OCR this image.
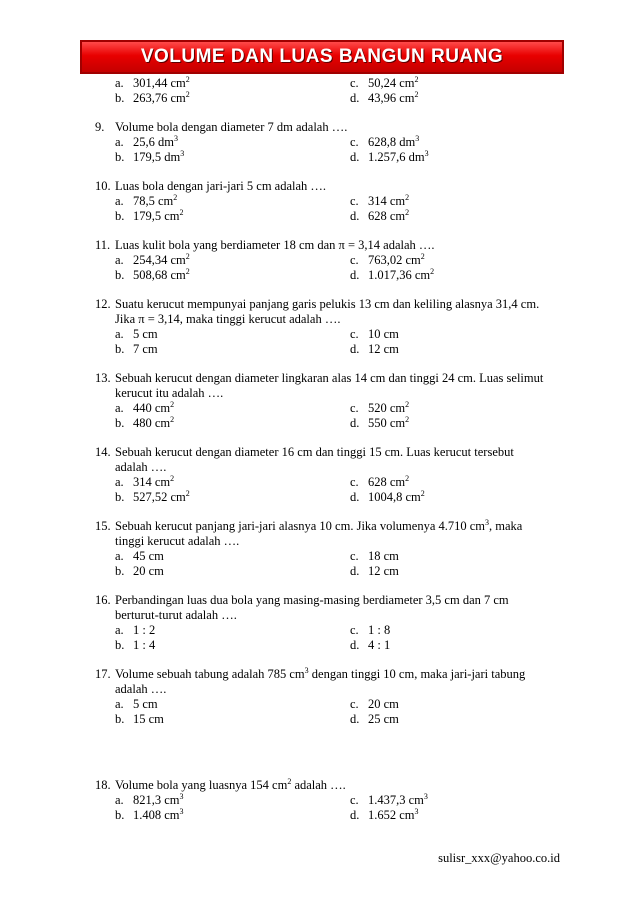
VOLUME DAN LUAS BANGUN RUANG
a. 301,44 $cm^2$	c. 50,24 $cm^2$
b. 263,76 $cm^2$	d. 43,96 $cm^2$
9. Volume bola dengan diameter 7 dm adalah ….
a. 25,6 $dm^3$	c. 628,8 $dm^3$
b. 179,5 $dm^3$	d. 1.257,6 $dm^3$
10. Luas bola dengan jari-jari 5 cm adalah ….
a. 78,5 $cm^2$	c. 314 $cm^2$
b. 179,5 $cm^2$	d. 628 $cm^2$
11. Luas kulit bola yang berdiameter 18 cm dan π = 3,14 adalah ….
a. 254,34 $cm^2$	c. 763,02 $cm^2$
b. 508,68 $cm^2$	d. 1.017,36 $cm^2$
12. Suatu kerucut mempunyai panjang garis pelukis 13 cm dan keliling alasnya 31,4 cm.
Jika π = 3,14, maka tinggi kerucut adalah ….
a. 5 cm	c. 10 cm
b. 7 cm	d. 12 cm
13. Sebuah kerucut dengan diameter lingkaran alas 14 cm dan tinggi 24 cm. Luas selimut
kerucut itu adalah ….
a. 440 $cm^2$	c. 520 $cm^2$
b. 480 $cm^2$	d. 550 $cm^2$
14. Sebuah kerucut dengan diameter 16 cm dan tinggi 15 cm. Luas kerucut tersebut
adalah ….
a. 314 $cm^2$	c. 628 $cm^2$
b. 527,52 $cm^2$	d. 1004,8 $cm^2$
15. Sebuah kerucut panjang jari-jari alasnya 10 cm. Jika volumenya 4.710 $cm^3$, maka
tinggi kerucut adalah ….
a. 45 cm	c. 18 cm
b. 20 cm	d. 12 cm
16. Perbandingan luas dua bola yang masing-masing berdiameter 3,5 cm dan 7 cm
berturut-turut adalah ….
a. 1 : 2	c. 1 : 8
b. 1 : 4	d. 4 : 1
17. Volume sebuah tabung adalah 785 $cm^3$ dengan tinggi 10 cm, maka jari-jari tabung
adalah ….
a. 5 cm	c. 20 cm
b. 15 cm	d. 25 cm
18. Volume bola yang luasnya 154 $cm^2$ adalah ….
a. 821,3 $cm^3$	c. 1.437,3 $cm^3$
b. 1.408 $cm^3$	d. 1.652 $cm^3$
sulisr_xxx@yahoo.co.id
